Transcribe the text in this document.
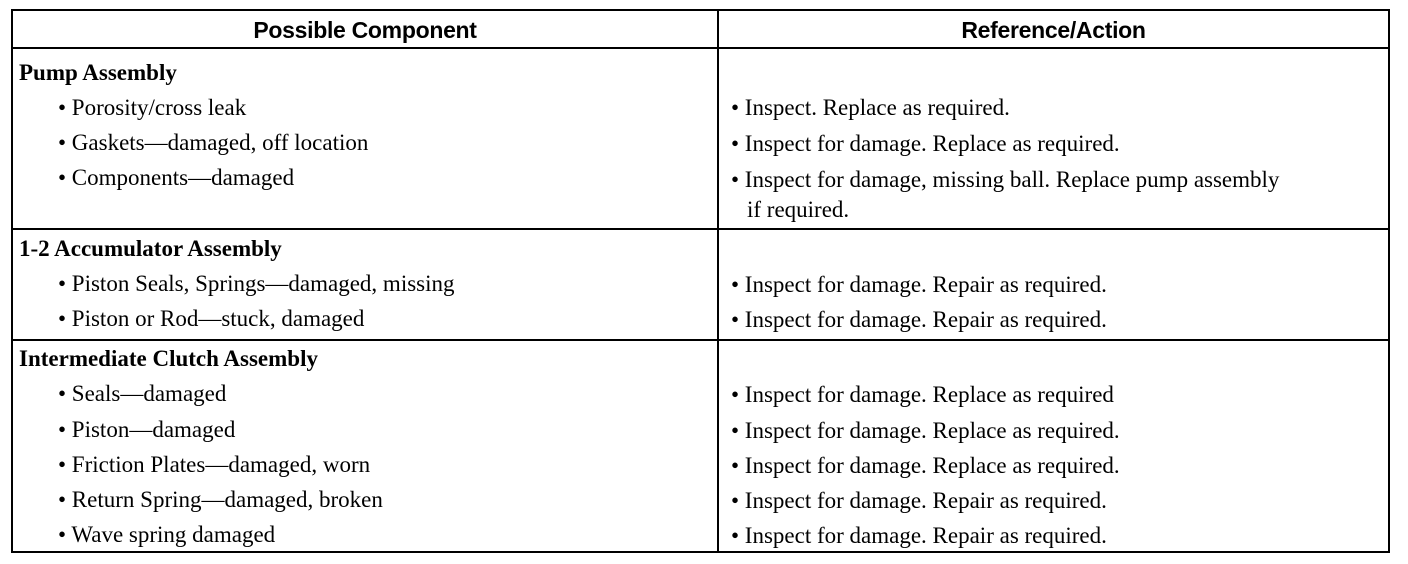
Possible Component	Reference/Action
Pump Assembly
• Porosity/cross leak	• Inspect. Replace as required.
• Gaskets—damaged, off location	• Inspect for damage. Replace as required.
• Components—damaged	• Inspect for damage, missing ball. Replace pump assembly
if required.
1-2 Accumulator Assembly
• Piston Seals, Springs—damaged, missing	• Inspect for damage. Repair as required.
• Piston or Rod—stuck, damaged	• Inspect for damage. Repair as required.
Intermediate Clutch Assembly
• Seals—damaged	• Inspect for damage. Replace as required
• Piston—damaged	• Inspect for damage. Replace as required.
• Friction Plates—damaged, worn	• Inspect for damage. Replace as required.
• Return Spring—damaged, broken	• Inspect for damage. Repair as required.
• Wave spring damaged	• Inspect for damage. Repair as required.
